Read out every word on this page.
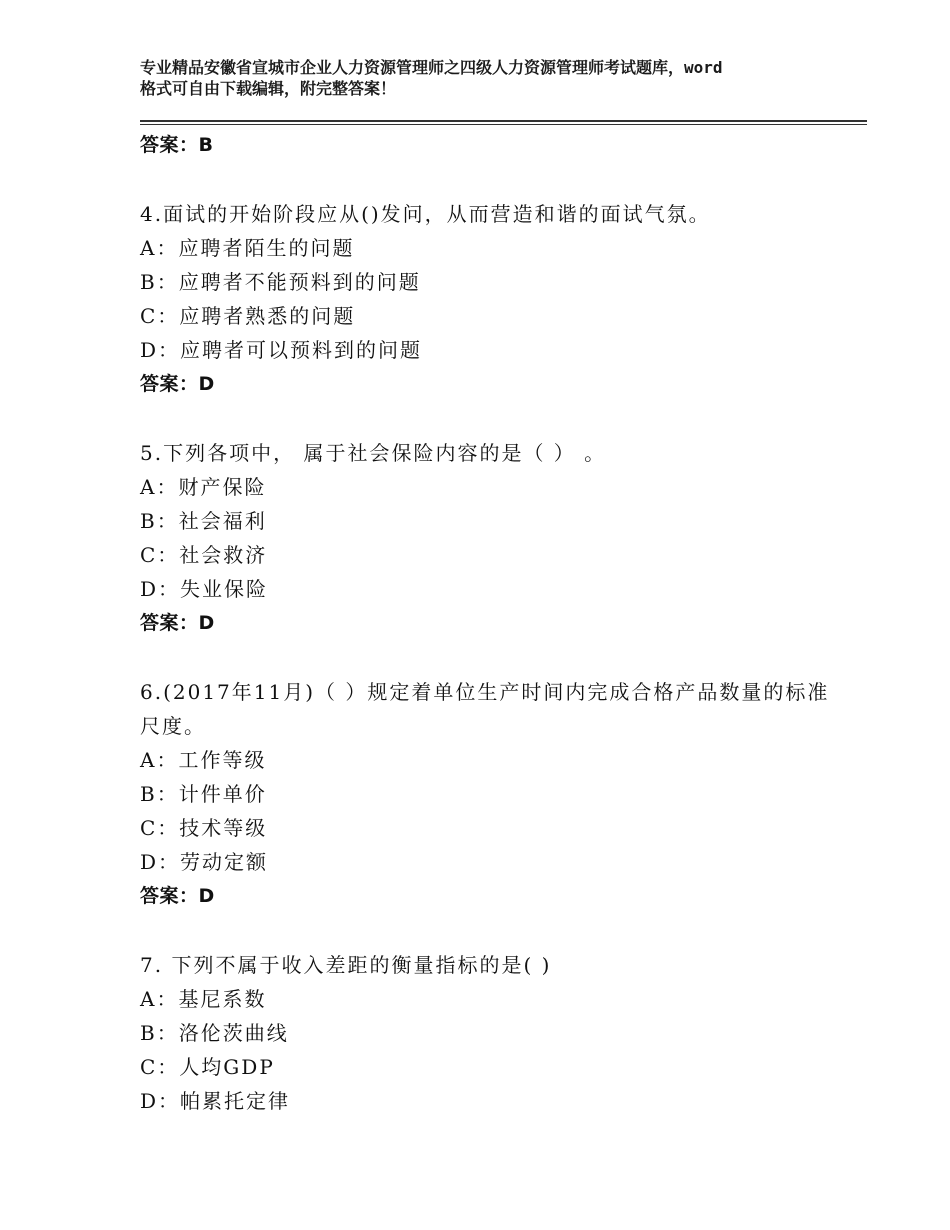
专业精品安徽省宣城市企业人力资源管理师之四级人力资源管理师考试题库，word
格式可自由下载编辑，附完整答案！
答案：B
4.面试的开始阶段应从()发问，从而营造和谐的面试气氛。
A：应聘者陌生的问题
B：应聘者不能预料到的问题
C：应聘者熟悉的问题
D：应聘者可以预料到的问题
答案：D
5.下列各项中， 属于社会保险内容的是（ ） 。
A：财产保险
B：社会福利
C：社会救济
D：失业保险
答案：D
6.(2017年11月)（ ）规定着单位生产时间内完成合格产品数量的标准尺度。
A：工作等级
B：计件单价
C：技术等级
D：劳动定额
答案：D
7. 下列不属于收入差距的衡量指标的是( )
A：基尼系数
B：洛伦茨曲线
C：人均GDP
D：帕累托定律
